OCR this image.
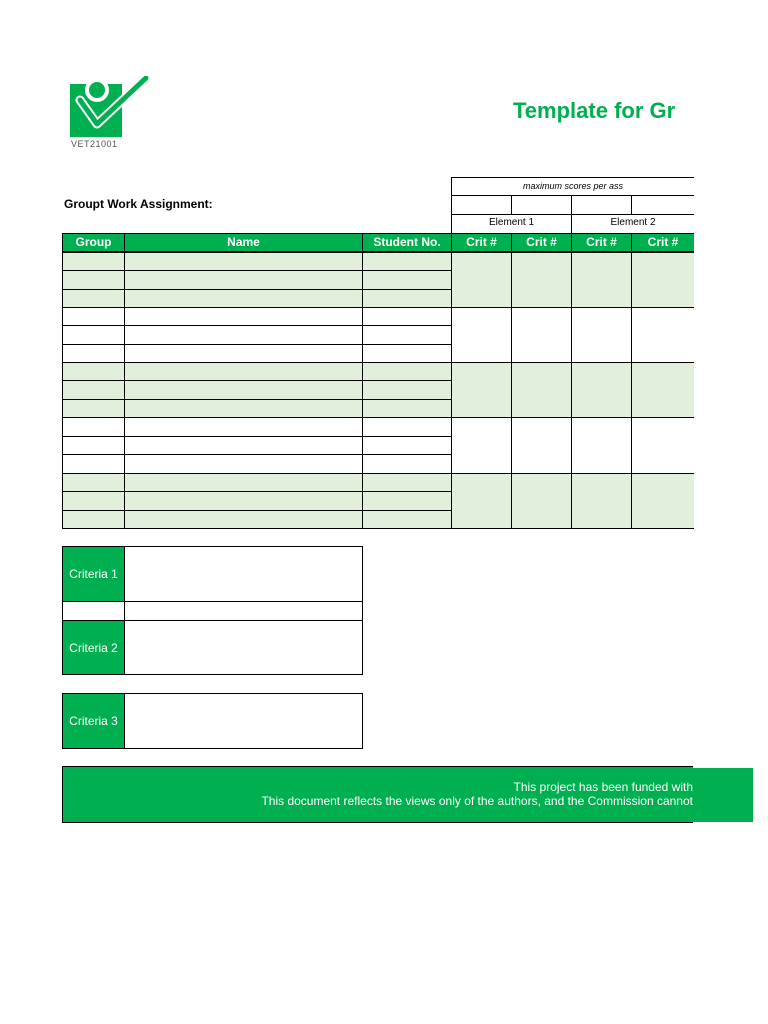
VET21001
Template for Gr
Groupt Work Assignment:
maximum scores per ass
Element 1	Element 2
Group	Name	Student No.	Crit #	Crit #	Crit #	Crit #
Criteria 1
Criteria 2
Criteria 3
This project has been funded with
This document reflects the views only of the authors, and the Commission cannot
